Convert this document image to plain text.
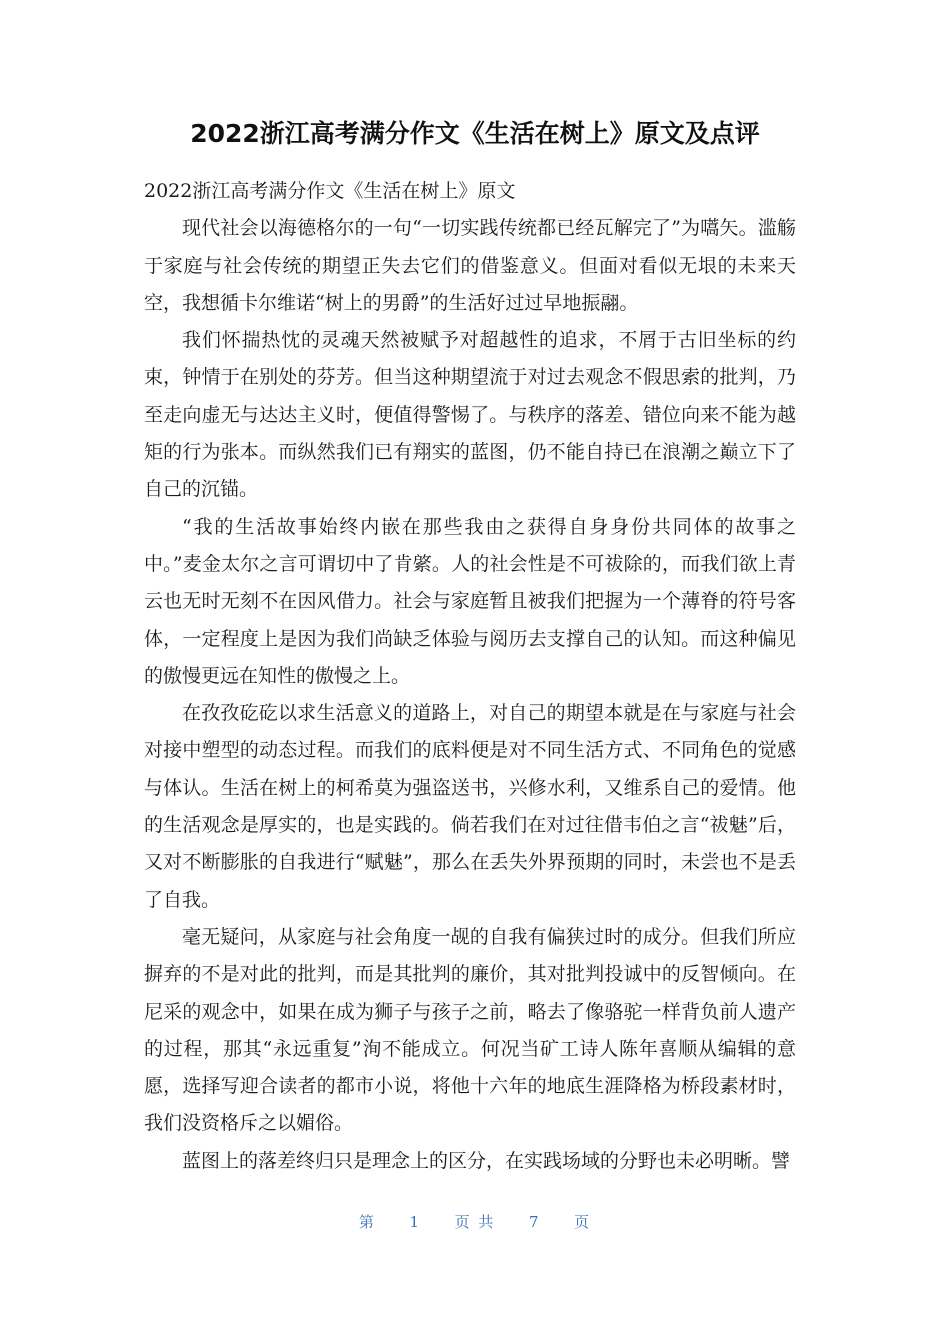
2022浙江高考满分作文《生活在树上》原文及点评

2022浙江高考满分作文《生活在树上》原文

现代社会以海德格尔的一句“一切实践传统都已经瓦解完了”为嚆矢。滥觞于家庭与社会传统的期望正失去它们的借鉴意义。但面对看似无垠的未来天空，我想循卡尔维诺“树上的男爵”的生活好过过早地振翮。

我们怀揣热忱的灵魂天然被赋予对超越性的追求，不屑于古旧坐标的约束，钟情于在别处的芬芳。但当这种期望流于对过去观念不假思索的批判，乃至走向虚无与达达主义时，便值得警惕了。与秩序的落差、错位向来不能为越矩的行为张本。而纵然我们已有翔实的蓝图，仍不能自持已在浪潮之巅立下了自己的沉锚。

“我的生活故事始终内嵌在那些我由之获得自身身份共同体的故事之中。”麦金太尔之言可谓切中了肯綮。人的社会性是不可祓除的，而我们欲上青云也无时无刻不在因风借力。社会与家庭暂且被我们把握为一个薄脊的符号客体，一定程度上是因为我们尚缺乏体验与阅历去支撑自己的认知。而这种偏见的傲慢更远在知性的傲慢之上。

在孜孜矻矻以求生活意义的道路上，对自己的期望本就是在与家庭与社会对接中塑型的动态过程。而我们的底料便是对不同生活方式、不同角色的觉感与体认。生活在树上的柯希莫为强盗送书，兴修水利，又维系自己的爱情。他的生活观念是厚实的，也是实践的。倘若我们在对过往借韦伯之言“祓魅”后，又对不断膨胀的自我进行“赋魅”，那么在丢失外界预期的同时，未尝也不是丢了自我。

毫无疑问，从家庭与社会角度一觇的自我有偏狭过时的成分。但我们所应摒弃的不是对此的批判，而是其批判的廉价，其对批判投诚中的反智倾向。在尼采的观念中，如果在成为狮子与孩子之前，略去了像骆驼一样背负前人遗产的过程，那其“永远重复”洵不能成立。何况当矿工诗人陈年喜顺从编辑的意愿，选择写迎合读者的都市小说，将他十六年的地底生涯降格为桥段素材时，我们没资格斥之以媚俗。

蓝图上的落差终归只是理念上的区分，在实践场域的分野也未必明晰。譬

第 1 页 共 7 页
